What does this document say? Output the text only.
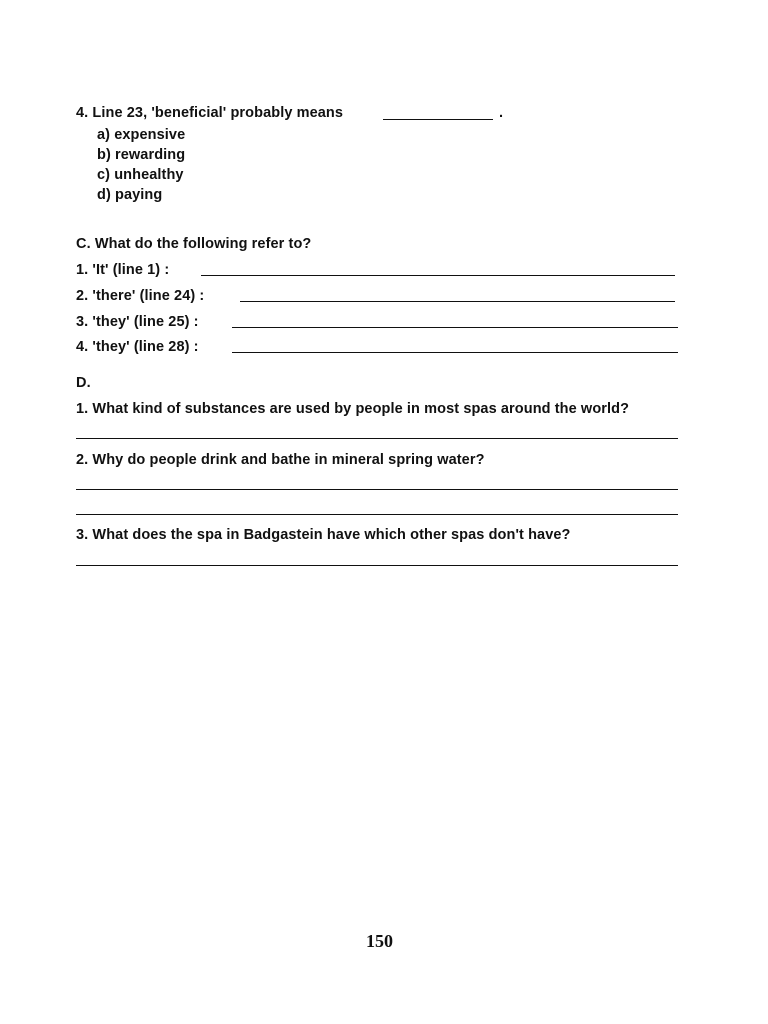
4. Line 23, 'beneficial' probably means	.
a) expensive
b) rewarding
c) unhealthy
d) paying
C. What do the following refer to?
1. 'It' (line 1) :
2. 'there' (line 24) :
3. 'they' (line 25) :
4. 'they' (line 28) :
D.
1. What kind of substances are used by people in most spas around the world?
2. Why do people drink and bathe in mineral spring water?
3. What does the spa in Badgastein have which other spas don't have?
150
